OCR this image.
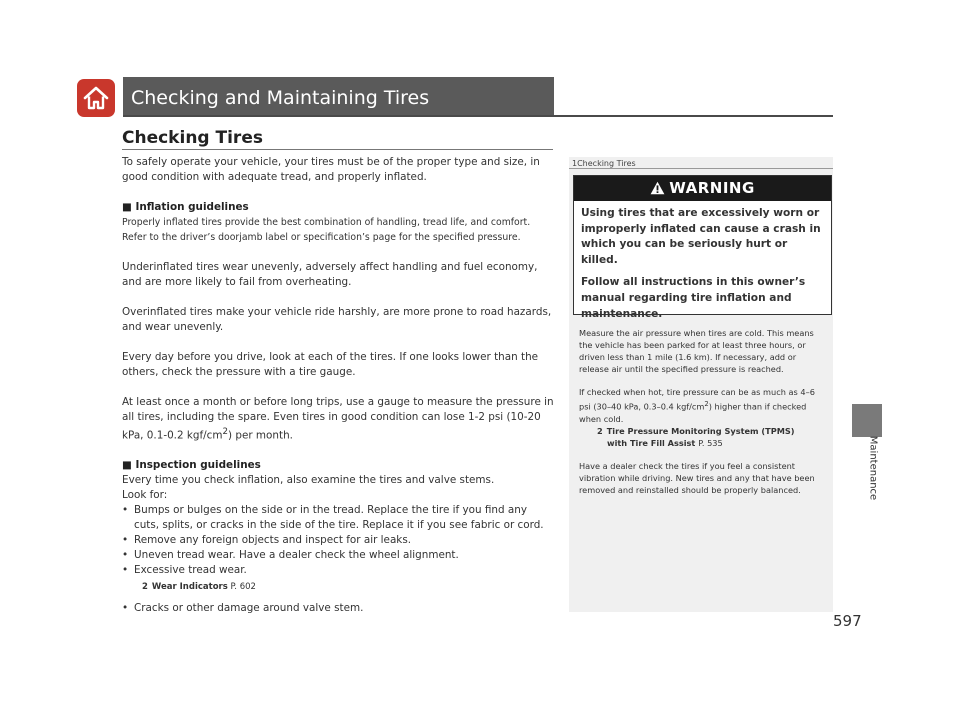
Checking and Maintaining Tires
Maintenance
597
Checking Tires
To safely operate your vehicle, your tires must be of the proper type and size, in good condition with adequate tread, and properly inflated.
■ Inflation guidelines
Properly inflated tires provide the best combination of handling, tread life, and comfort. Refer to the driver’s doorjamb label or specification’s page for the specified pressure.
Underinflated tires wear unevenly, adversely affect handling and fuel economy, and are more likely to fail from overheating.
Overinflated tires make your vehicle ride harshly, are more prone to road hazards, and wear unevenly.
Every day before you drive, look at each of the tires. If one looks lower than the others, check the pressure with a tire gauge.
At least once a month or before long trips, use a gauge to measure the pressure in all tires, including the spare. Even tires in good condition can lose 1-2 psi (10-20 kPa, 0.1-0.2 kgf/$cm^2$) per month.
■ Inspection guidelines
Every time you check inflation, also examine the tires and valve stems.
Look for:
• Bumps or bulges on the side or in the tread. Replace the tire if you find any cuts, splits, or cracks in the side of the tire. Replace it if you see fabric or cord.
• Remove any foreign objects and inspect for air leaks.
• Uneven tread wear. Have a dealer check the wheel alignment.
• Excessive tread wear.
2 Wear Indicators P. 602
• Cracks or other damage around valve stem.
1Checking Tires
WARNING
Using tires that are excessively worn or improperly inflated can cause a crash in which you can be seriously hurt or killed.
Follow all instructions in this owner’s manual regarding tire inflation and maintenance.
Measure the air pressure when tires are cold. This means the vehicle has been parked for at least three hours, or driven less than 1 mile (1.6 km). If necessary, add or release air until the specified pressure is reached.
If checked when hot, tire pressure can be as much as 4–6 psi (30–40 kPa, 0.3–0.4 kgf/$cm^2$) higher than if checked when cold.
2 Tire Pressure Monitoring System (TPMS)
with Tire Fill Assist P. 535
Have a dealer check the tires if you feel a consistent vibration while driving. New tires and any that have been removed and reinstalled should be properly balanced.
